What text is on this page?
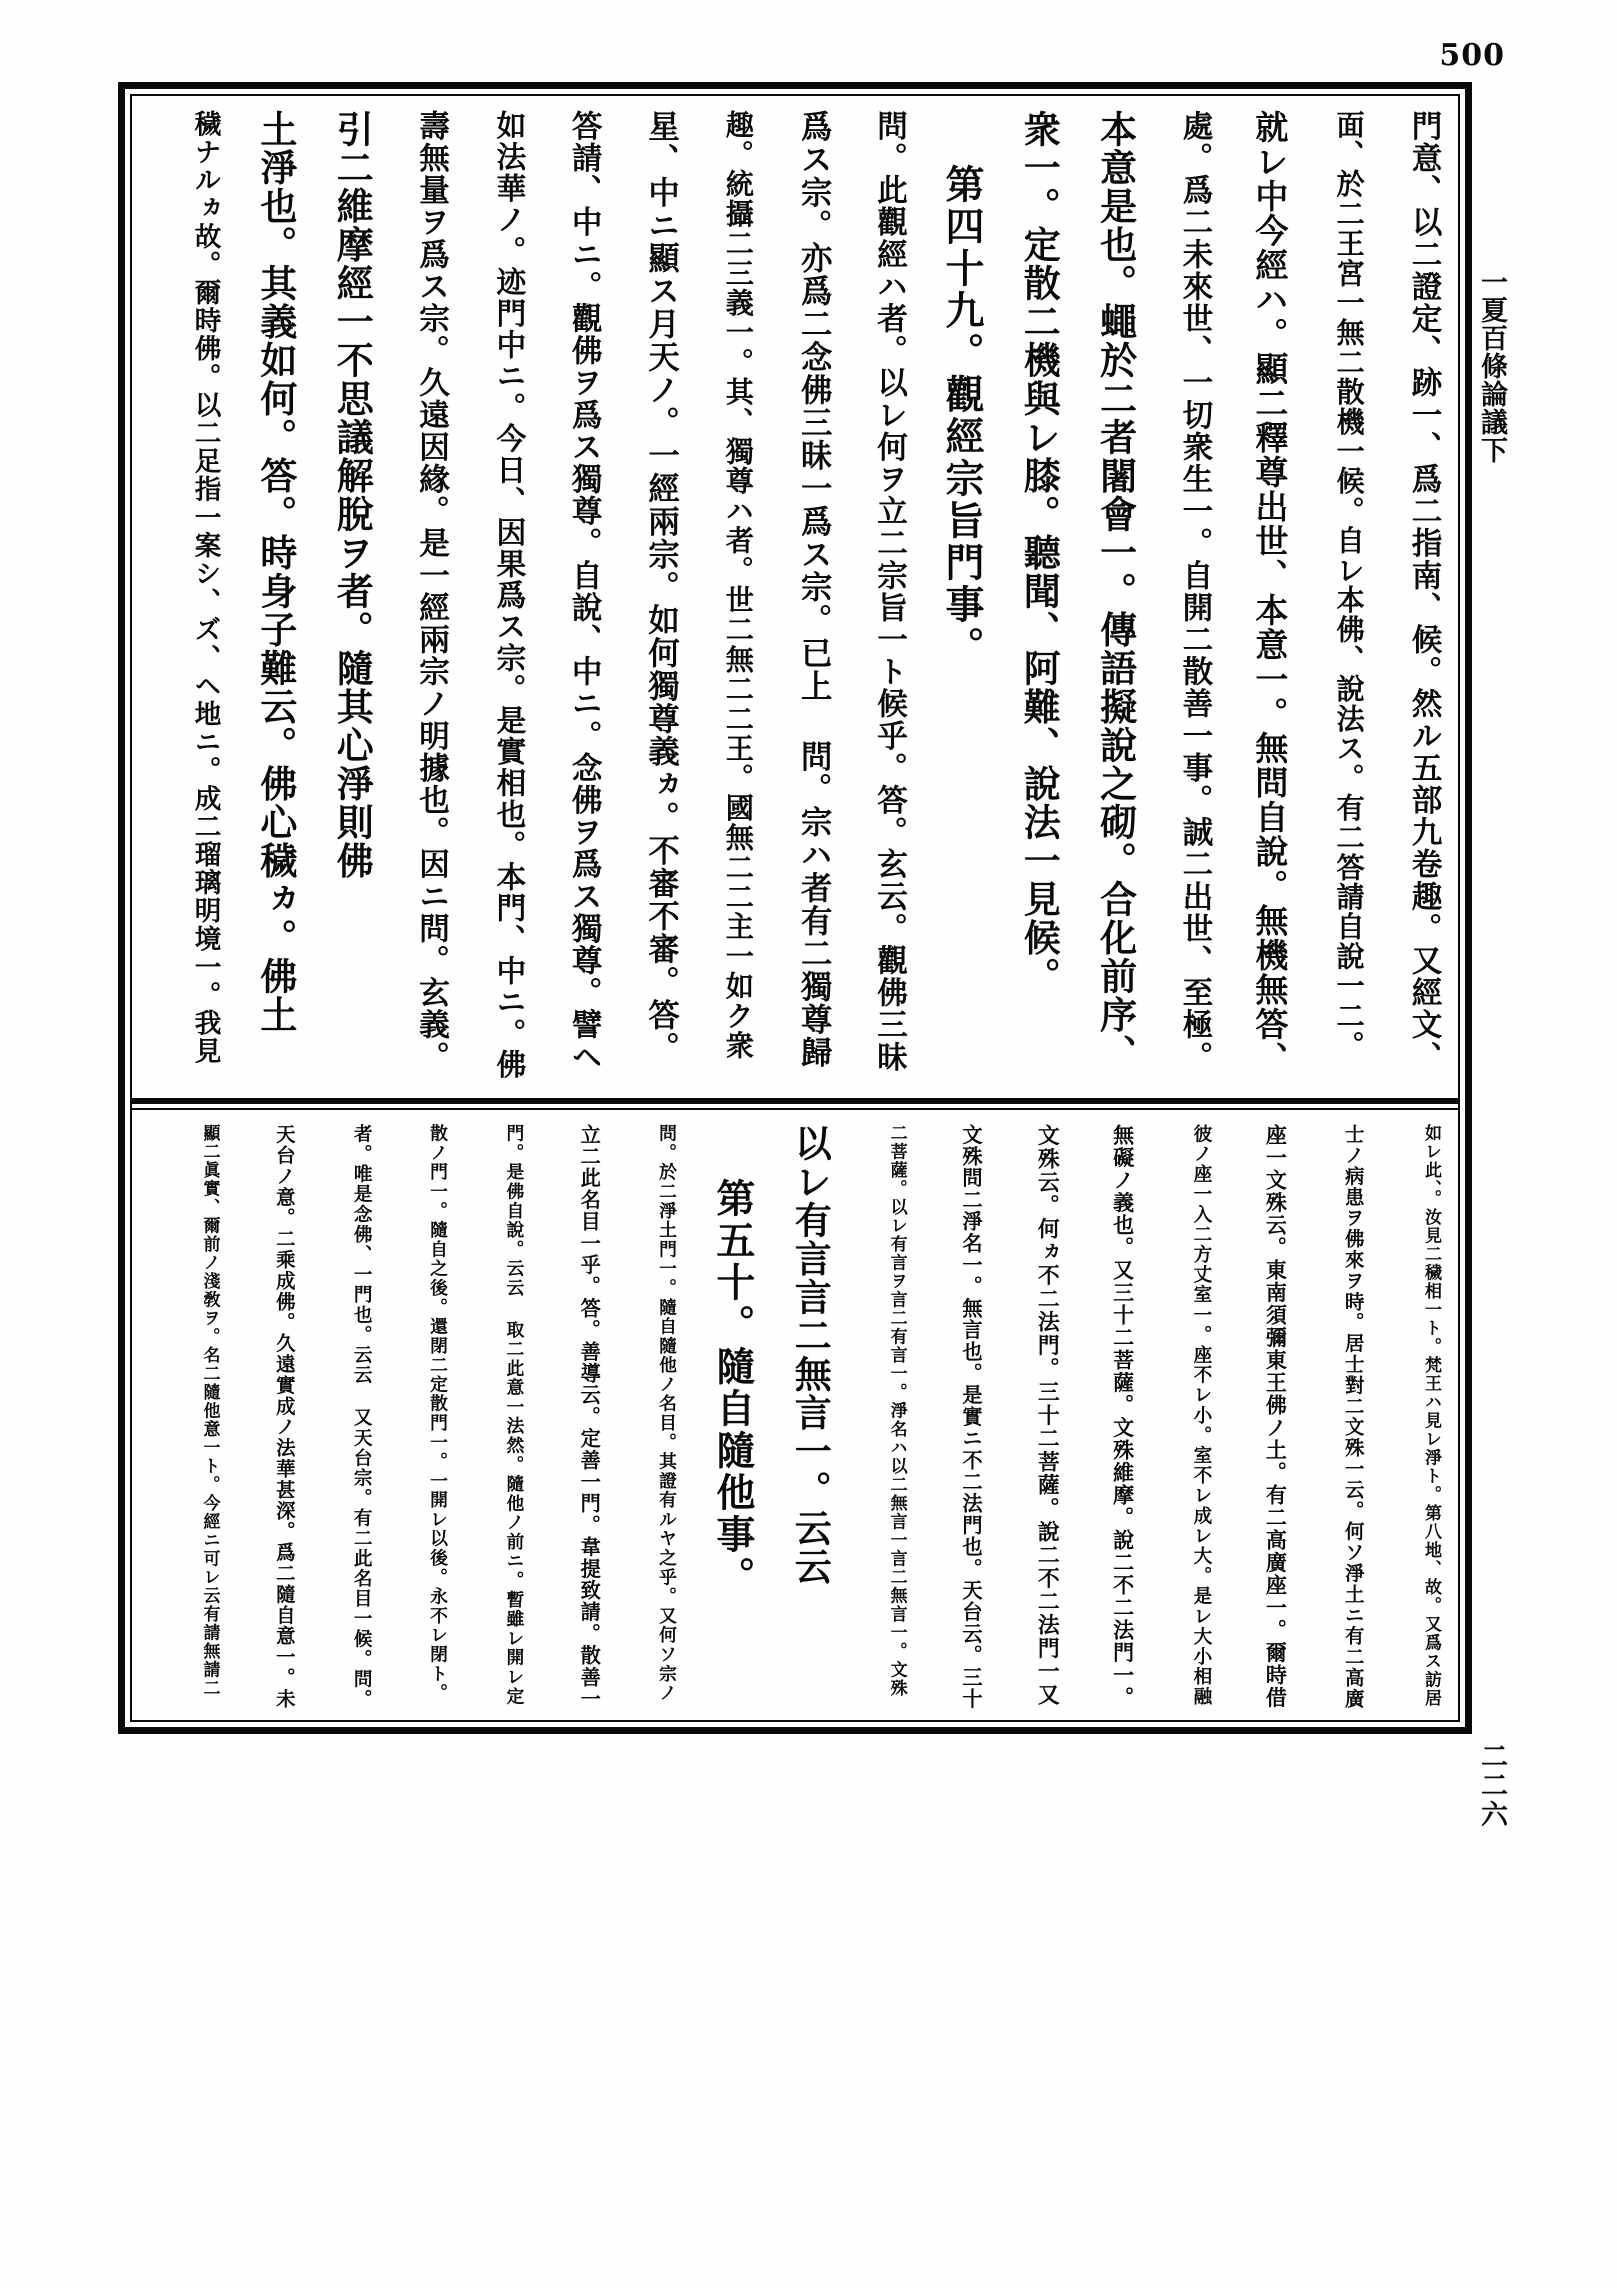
500
一夏百條論議下
二二六
門意、以二證定、跡一、爲二指南、候。然ル五部九卷趣。又經文、
面、於二王宮一無二散機一候。自レ本佛、說法ス。有二答請自說一二。
就レ中今經ハ。顯二釋尊出世、本意一。無問自說。無機無答、
處。爲二未來世、一切衆生一。自開二散善一事。誠二出世、至極。
本意是也。蠅於二者闍會一。傳語擬說之砌。合化前序、
衆一。定散二機與レ膝。聽聞、阿難、說法一見候。
第四十九。觀經宗旨門事。
問。此觀經ハ者。以レ何ヲ立二宗旨一ト候乎。答。玄云。觀佛三昧
爲ス宗。亦爲二念佛三昧一爲ス宗。已上 問。宗ハ者有二獨尊歸
趣。統攝二三義一。其、獨尊ハ者。世二無二二王。國無二二主一如ク衆
星、中ニ顯ス月天ノ。一經兩宗。如何獨尊義ヵ。不審不審。答。
答請、中ニ。觀佛ヲ爲ス獨尊。自說、中ニ。念佛ヲ爲ス獨尊。譬ヘ
如法華ノ。迹門中ニ。今日、因果爲ス宗。是實相也。本門、中ニ。佛
壽無量ヲ爲ス宗。久遠因緣。是一經兩宗ノ明據也。因ニ問。玄義。
引二維摩經一不思議解脫ヲ者。隨其心淨則佛
土淨也。其義如何。答。時身子難云。佛心穢ヵ。佛土
穢ナルヵ故。爾時佛。以二足指一案シ、ズ、ヘ地ニ。成二瑠璃明境一。我見
如レ此、。汝見二穢相一ト。梵王ハ見レ淨ト。第八地、故。又爲ス訪居
士ノ病患ヲ佛來ヲ時。居士對二文殊一云。何ソ淨土ニ有二高廣
座一文殊云。東南須彌東王佛ノ土。有二高廣座一。爾時借
彼ノ座一入二方丈室一。座不レ小。室不レ成レ大。是レ大小相融
無礙ノ義也。又三十二菩薩。文殊維摩。說二不二法門一。
文殊云。何ヵ不二法門。三十二菩薩。說二不二法門一又
文殊問二淨名一。無言也。是實ニ不二法門也。天台云。三十
二菩薩。以レ有言ヲ言二有言一。淨名ハ以二無言一言二無言一。文殊
以レ有言言二無言一。云云
第五十。隨自隨他事。
問。於二淨土門一。隨自隨他ノ名目。其證有ルヤ之乎。又何ソ宗ノ
立二此名目一乎。答。善導云。定善一門。韋提致請。散善一
門。是佛自說。云云 取二此意一法然。隨他ノ前ニ。暫雖レ開レ定
散ノ門一。隨自之後。還閉二定散門一。一開レ以後。永不レ閉ト。
者。唯是念佛、一門也。云云 又天台宗。有二此名目一候。問。
天台ノ意。二乘成佛。久遠實成ノ法華甚深。爲二隨自意一。未
顯二眞實、爾前ノ淺敎ヲ。名二隨他意一ト。今經ニ可レ云有請無請二
